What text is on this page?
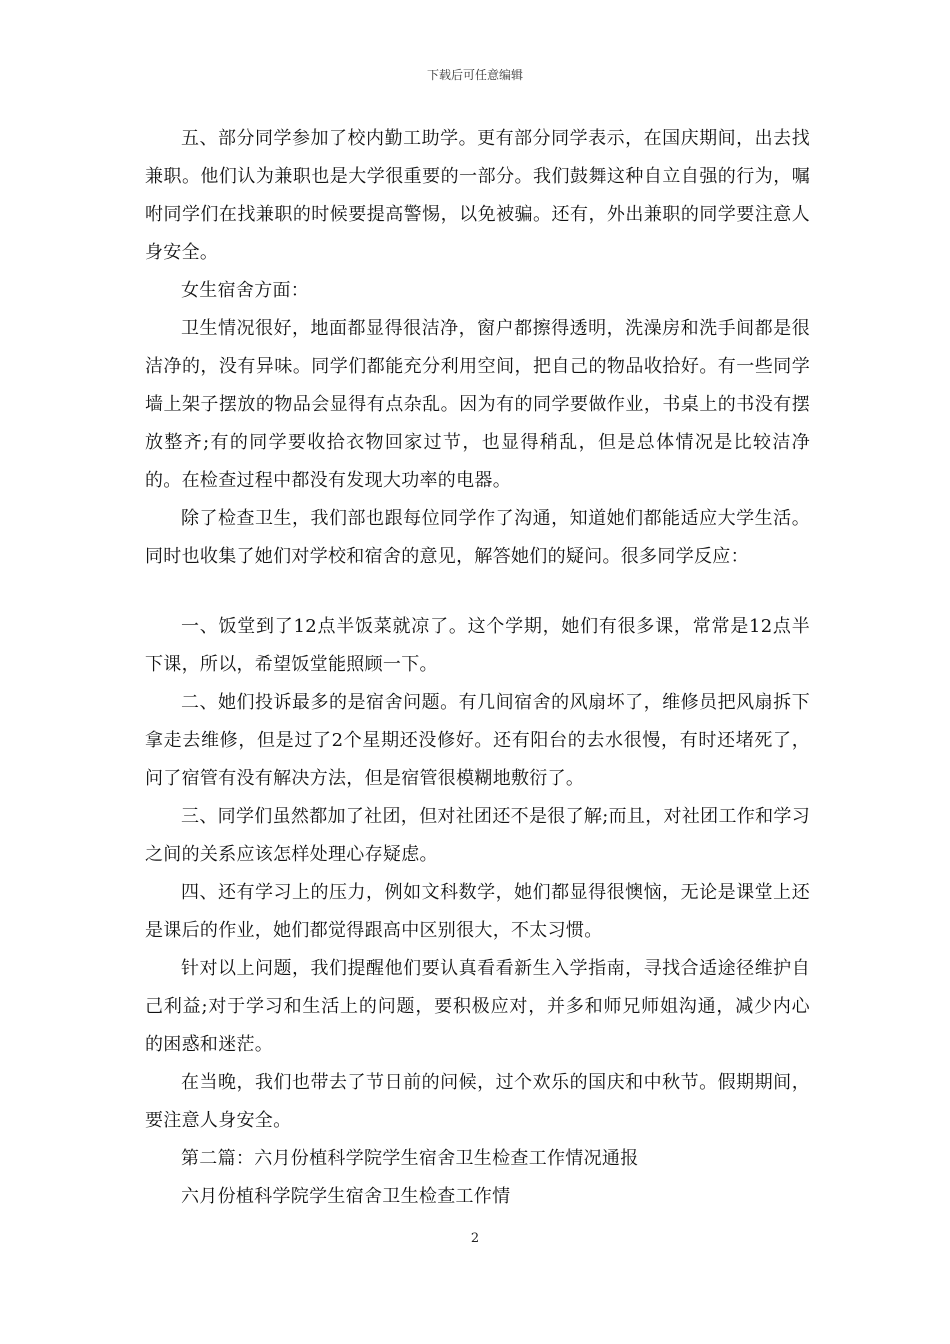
下载后可任意编辑

五、部分同学参加了校内勤工助学。更有部分同学表示，在国庆期间，出去找兼职。他们认为兼职也是大学很重要的一部分。我们鼓舞这种自立自强的行为，嘱咐同学们在找兼职的时候要提高警惕，以免被骗。还有，外出兼职的同学要注意人身安全。

女生宿舍方面：

卫生情况很好，地面都显得很洁净，窗户都擦得透明，洗澡房和洗手间都是很洁净的，没有异味。同学们都能充分利用空间，把自己的物品收拾好。有一些同学墙上架子摆放的物品会显得有点杂乱。因为有的同学要做作业，书桌上的书没有摆放整齐;有的同学要收拾衣物回家过节，也显得稍乱，但是总体情况是比较洁净的。在检查过程中都没有发现大功率的电器。

除了检查卫生，我们部也跟每位同学作了沟通，知道她们都能适应大学生活。同时也收集了她们对学校和宿舍的意见，解答她们的疑问。很多同学反应：

一、饭堂到了12点半饭菜就凉了。这个学期，她们有很多课，常常是12点半下课，所以，希望饭堂能照顾一下。

二、她们投诉最多的是宿舍问题。有几间宿舍的风扇坏了，维修员把风扇拆下拿走去维修，但是过了2个星期还没修好。还有阳台的去水很慢，有时还堵死了，问了宿管有没有解决方法，但是宿管很模糊地敷衍了。

三、同学们虽然都加了社团，但对社团还不是很了解;而且，对社团工作和学习之间的关系应该怎样处理心存疑虑。

四、还有学习上的压力，例如文科数学，她们都显得很懊恼，无论是课堂上还是课后的作业，她们都觉得跟高中区别很大，不太习惯。

针对以上问题，我们提醒他们要认真看看新生入学指南，寻找合适途径维护自己利益;对于学习和生活上的问题，要积极应对，并多和师兄师姐沟通，减少内心的困惑和迷茫。

在当晚，我们也带去了节日前的问候，过个欢乐的国庆和中秋节。假期期间，要注意人身安全。

第二篇：六月份植科学院学生宿舍卫生检查工作情况通报

六月份植科学院学生宿舍卫生检查工作情

2
